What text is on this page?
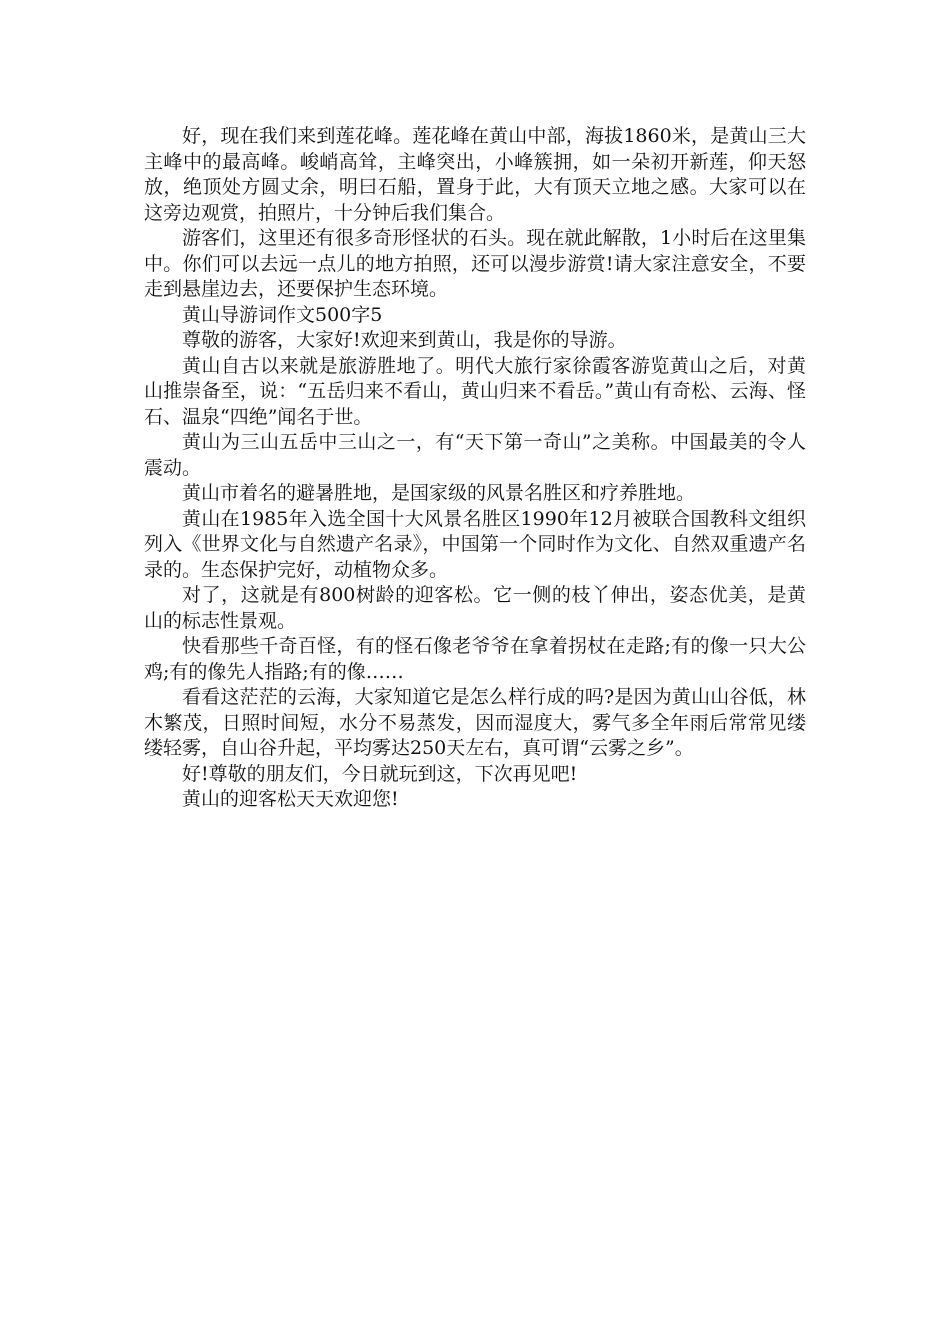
好，现在我们来到莲花峰。莲花峰在黄山中部，海拔1860米，是黄山三大主峰中的最高峰。峻峭高耸，主峰突出，小峰簇拥，如一朵初开新莲，仰天怒放，绝顶处方圆丈余，明曰石船，置身于此，大有顶天立地之感。大家可以在这旁边观赏，拍照片，十分钟后我们集合。

游客们，这里还有很多奇形怪状的石头。现在就此解散，1小时后在这里集中。你们可以去远一点儿的地方拍照，还可以漫步游赏!请大家注意安全，不要走到悬崖边去，还要保护生态环境。

黄山导游词作文500字5

尊敬的游客，大家好!欢迎来到黄山，我是你的导游。

黄山自古以来就是旅游胜地了。明代大旅行家徐霞客游览黄山之后，对黄山推崇备至，说：“五岳归来不看山，黄山归来不看岳。”黄山有奇松、云海、怪石、温泉“四绝”闻名于世。

黄山为三山五岳中三山之一，有“天下第一奇山”之美称。中国最美的令人震动。

黄山市着名的避暑胜地，是国家级的风景名胜区和疗养胜地。

黄山在1985年入选全国十大风景名胜区1990年12月被联合国教科文组织列入《世界文化与自然遗产名录》，中国第一个同时作为文化、自然双重遗产名录的。生态保护完好，动植物众多。

对了，这就是有800树龄的迎客松。它一侧的枝丫伸出，姿态优美，是黄山的标志性景观。

快看那些千奇百怪，有的怪石像老爷爷在拿着拐杖在走路;有的像一只大公鸡;有的像先人指路;有的像……

看看这茫茫的云海，大家知道它是怎么样行成的吗?是因为黄山山谷低，林木繁茂，日照时间短，水分不易蒸发，因而湿度大，雾气多全年雨后常常见缕缕轻雾，自山谷升起，平均雾达250天左右，真可谓“云雾之乡”。

好!尊敬的朋友们，今日就玩到这，下次再见吧!

黄山的迎客松天天欢迎您!
